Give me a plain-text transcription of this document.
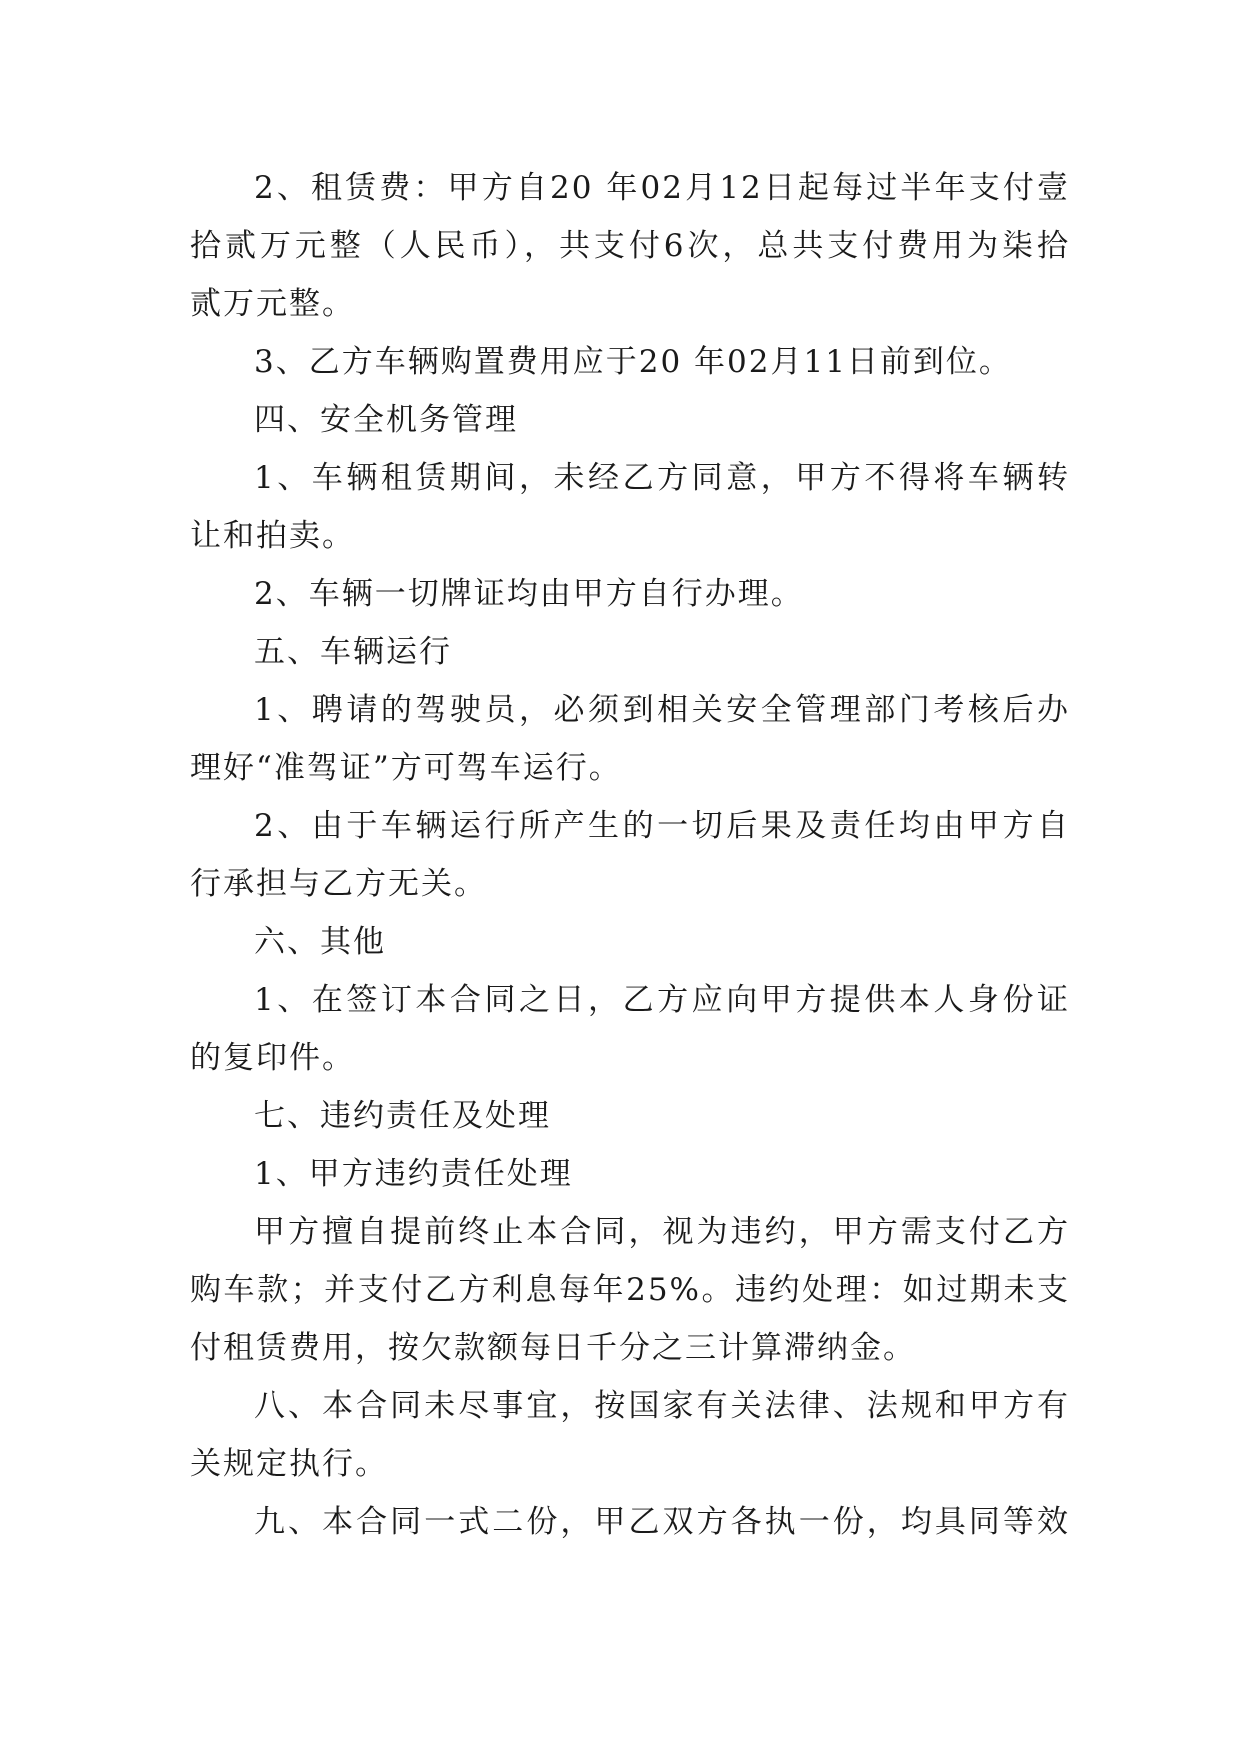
2、租赁费：甲方自20 年02月12日起每过半年支付壹
拾贰万元整（人民币），共支付6次，总共支付费用为柒拾
贰万元整。
3、乙方车辆购置费用应于20 年02月11日前到位。
四、安全机务管理
1、车辆租赁期间，未经乙方同意，甲方不得将车辆转
让和拍卖。
2、车辆一切牌证均由甲方自行办理。
五、车辆运行
1、聘请的驾驶员，必须到相关安全管理部门考核后办
理好“准驾证”方可驾车运行。
2、由于车辆运行所产生的一切后果及责任均由甲方自
行承担与乙方无关。
六、其他
1、在签订本合同之日，乙方应向甲方提供本人身份证
的复印件。
七、违约责任及处理
1、甲方违约责任处理
甲方擅自提前终止本合同，视为违约，甲方需支付乙方
购车款；并支付乙方利息每年25%。违约处理：如过期未支
付租赁费用，按欠款额每日千分之三计算滞纳金。
八、本合同未尽事宜，按国家有关法律、法规和甲方有
关规定执行。
九、本合同一式二份，甲乙双方各执一份，均具同等效
